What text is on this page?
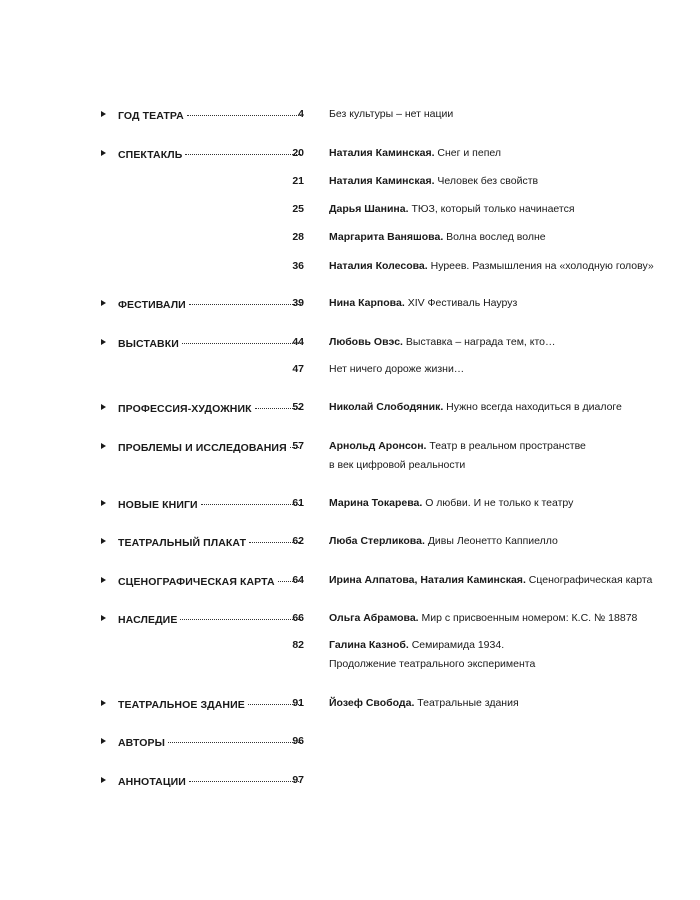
ГОД ТЕАТРА	4 Без культуры – нет нации
СПЕКТАКЛЬ	20 Наталия Каминская. Снег и пепел
21 Наталия Каминская. Человек без свойств
25 Дарья Шанина. ТЮЗ, который только начинается
28 Маргарита Ваняшова. Волна вослед волне
36 Наталия Колесова. Нуреев. Размышления на «холодную голову»
ФЕСТИВАЛИ	39 Нина Карпова. XIV Фестиваль Науруз
ВЫСТАВКИ	44 Любовь Овэс. Выставка – награда тем, кто…
47 Нет ничего дороже жизни…
ПРОФЕССИЯ-ХУДОЖНИК	52 Николай Слободяник. Нужно всегда находиться в диалоге
ПРОБЛЕМЫ И ИССЛЕДОВАНИЯ 57 Арнольд Аронсон. Театр в реальном пространстве
в век цифровой реальности
НОВЫЕ КНИГИ	61 Марина Токарева. О любви. И не только к театру
ТЕАТРАЛЬНЫЙ ПЛАКАТ	62 Люба Стерликова. Дивы Леонетто Каппиелло
СЦЕНОГРАФИЧЕСКАЯ КАРТА	64 Ирина Алпатова, Наталия Каминская. Сценографическая карта
НАСЛЕДИЕ	66 Ольга Абрамова. Мир с присвоенным номером: К.С. № 18878
82 Галина Казноб. Семирамида 1934.
Продолжение театрального эксперимента
ТЕАТРАЛЬНОЕ ЗДАНИЕ	91 Йозеф Свобода. Театральные здания
АВТОРЫ	96
АННОТАЦИИ	97
